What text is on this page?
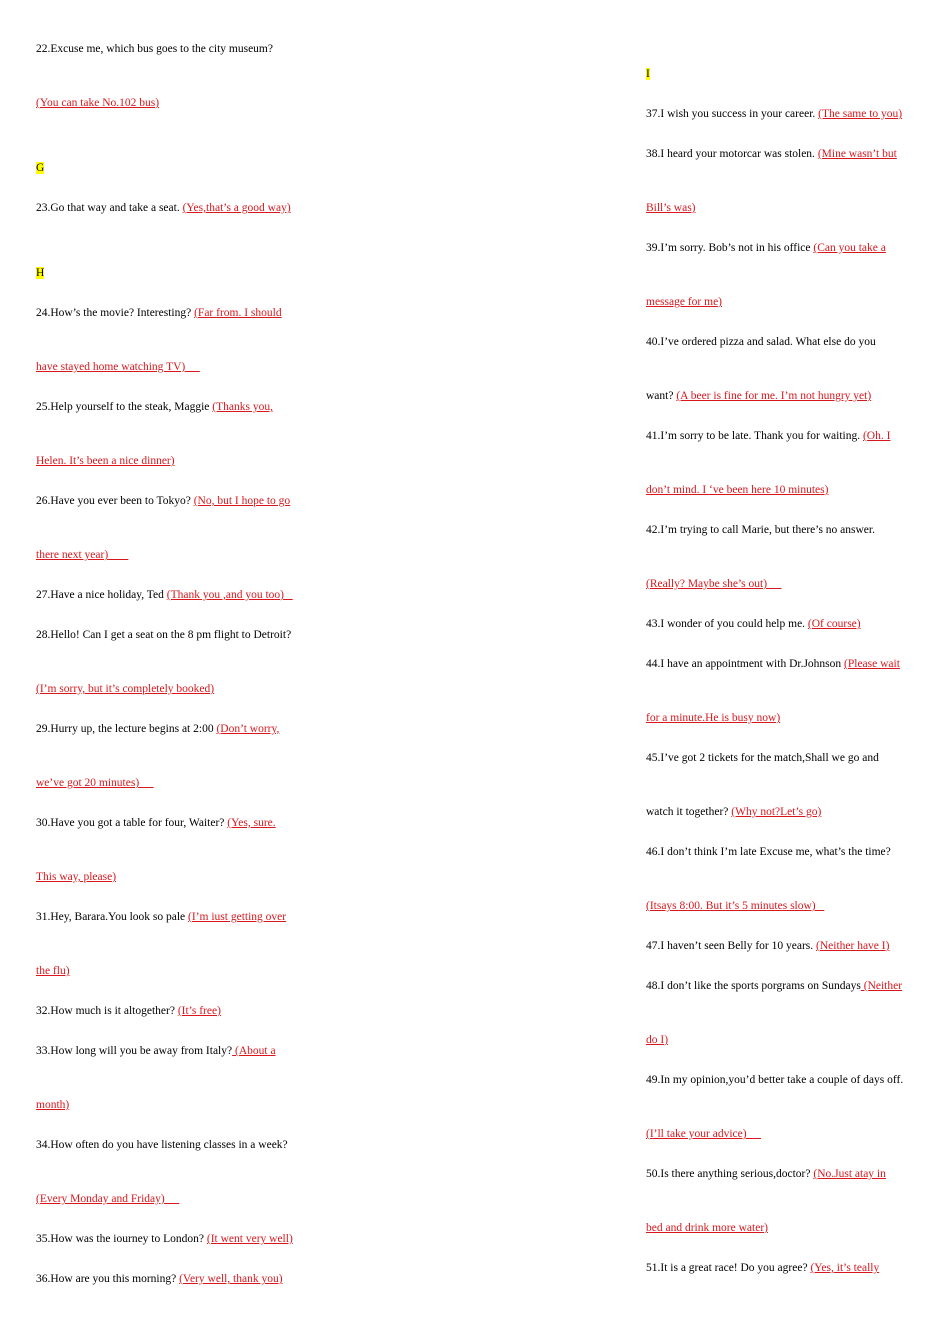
22.Excuse me, which bus goes to the city museum?
(You can take No.102 bus)
G
23.Go that way and take a seat. (Yes,that’s a good way)
H
24.How’s the movie? Interesting? (Far from. I should
have stayed home watching TV) __
25.Help yourself to the steak, Maggie (Thanks you,
Helen. It’s been a nice dinner)
26.Have you ever been to Tokyo? (No, but I hope to go
there next year) ___
27.Have a nice holiday, Ted (Thank you ,and you too) _
28.Hello! Can I get a seat on the 8 pm flight to Detroit?
(I’m sorry, but it’s completely booked)
29.Hurry up, the lecture begins at 2:00 (Don’t worry,
we’ve got 20 minutes) __
30.Have you got a table for four, Waiter? (Yes, sure.
This way, please)
31.Hey, Barara.You look so pale (I’m iust getting over
the flu)
32.How much is it altogether? (It’s free)
33.How long will you be away from Italy? (About a
month)
34.How often do you have listening classes in a week?
(Every Monday and Friday) __
35.How was the iourney to London? (It went very well)
36.How are you this morning? (Very well, thank you)
I
37.I wish you success in your career. (The same to you)
38.I heard your motorcar was stolen. (Mine wasn’t but
Bill’s was)
39.I’m sorry. Bob’s not in his office (Can you take a
message for me)
40.I’ve ordered pizza and salad. What else do you
want? (A beer is fine for me. I’m not hungry yet)
41.I’m sorry to be late. Thank you for waiting. (Oh. I
don’t mind. I ‘ve been here 10 minutes)
42.I’m trying to call Marie, but there’s no answer.
(Really? Maybe she’s out) __
43.I wonder of you could help me. (Of course)
44.I have an appointment with Dr.Johnson (Please wait
for a minute.He is busy now)
45.I’ve got 2 tickets for the match,Shall we go and
watch it together? (Why not?Let’s go)
46.I don’t think I’m late Excuse me, what’s the time?
(Itsays 8:00. But it’s 5 minutes slow) _
47.I haven’t seen Belly for 10 years. (Neither have I)
48.I don’t like the sports porgrams on Sundays (Neither
do I)
49.In my opinion,you’d better take a couple of days off.
(I’ll take your advice) __
50.Is there anything serious,doctor? (No.Just atay in
bed and drink more water)
51.It is a great race! Do you agree? (Yes, it’s teally
